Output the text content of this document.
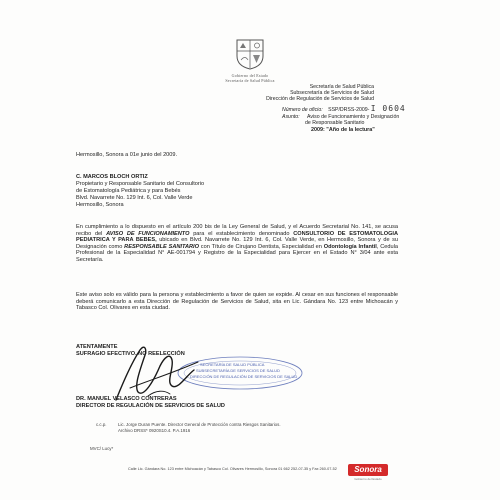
Gobierno del Estado
Secretaría de Salud Pública
Secretaría de Salud Pública
Subsecretaría de Servicios de Salud
Dirección de Regulación de Servicios de Salud
Número de oficio: SSP/DRSS-2009- I 0604
Asunto: Aviso de Funcionamiento y Designación
de Responsable Sanitario
2009: "Año de la lectura"
Hermosillo, Sonora a 01e junio del 2009.
C. MARCOS BLOCH ORTIZ
Propietario y Responsable Sanitario del Consultorio
de Estomatología Pediátrica y para Bebés
Blvd. Navarrete No. 129 Int. 6, Col. Valle Verde
Hermosillo, Sonora
En cumplimiento a lo dispuesto en el artículo 200 bis de la Ley General de Salud, y el Acuerdo Secretarial No. 141, se acusa recibo del AVISO DE FUNCIONAMIENTO para el establecimiento denominado CONSULTORIO DE ESTOMATOLOGIA PEDIATRICA Y PARA BEBES, ubicado en Blvd. Navarrete No. 129 Int. 6, Col. Valle Verde, en Hermosillo, Sonora y de su Designación como RESPONSABLE SANITARIO con Título de Cirujano Dentista, Especialidad en Odontología Infantil, Cedula Profesional de la Especialidad N° AE-001794 y Registro de la Especialidad para Ejercer en el Estado N° 3/04 ante esta Secretaría.
Este aviso solo es válido para la persona y establecimiento a favor de quien se expide. Al cesar en sus funciones el responsable deberá comunicarlo a esta Dirección de Regulación de Servicios de Salud, sita en Lic. Gándara No. 123 entre Michoacán y Tabasco Col. Olivares en esta ciudad.
ATENTAMENTE
SUFRAGIO EFECTIVO. NO REELECCIÓN
SECRETARÍA DE SALUD PÚBLICA
SUBSECRETARÍA DE SERVICIOS DE SALUD
DIRECCIÓN DE REGULACIÓN DE SERVICIOS DE SALUD
DR. MANUEL VELASCO CONTRERAS
DIRECTOR DE REGULACIÓN DE SERVICIOS DE SALUD
c.c.p.	Lic. Jorge Duran Puente. Director General de Protección contra Riesgos Sanitarios.
Archivo DRSS* 0920S10.4. P.A.1916
MVC/ Lucy*
Calle Lic. Gándara No. 123 entre Michoacán y Tabasco Col. Olivares Hermosillo, Sonora 01 662 252-07-35 y Fax 260-07-52	Sonora
Gobierno del Estado
